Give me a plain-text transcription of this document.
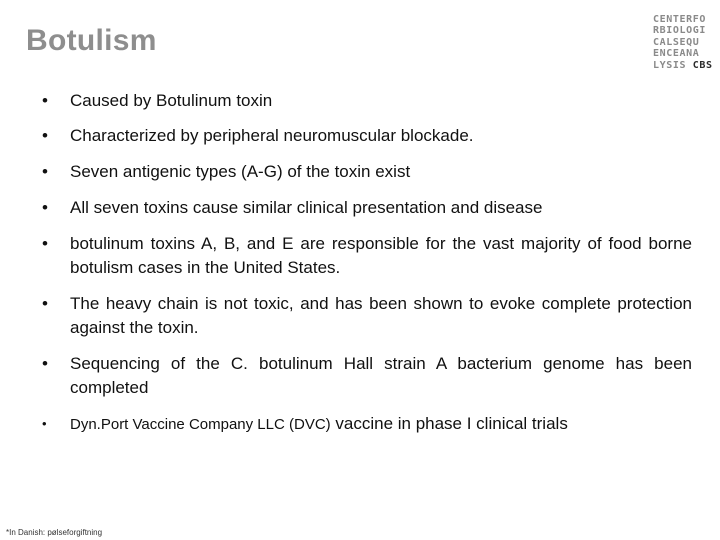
Botulism
CENTERFO
RBIOLOGI
CALSEQU
ENCEANA
LYSIS CBS
•	Caused by Botulinum toxin
•	Characterized by peripheral neuromuscular blockade.
•	Seven antigenic types (A-G) of the toxin exist
•	All seven toxins cause similar clinical presentation and disease
•	botulinum toxins A, B, and E are responsible for the vast majority of food borne botulism cases in the United States.
•	The heavy chain is not toxic, and has been shown to evoke complete protection against the toxin.
•	Sequencing of the C. botulinum Hall strain A bacterium genome has been completed
•	Dyn.Port Vaccine Company LLC (DVC) vaccine in phase I clinical trials
*In Danish: pølseforgiftning
